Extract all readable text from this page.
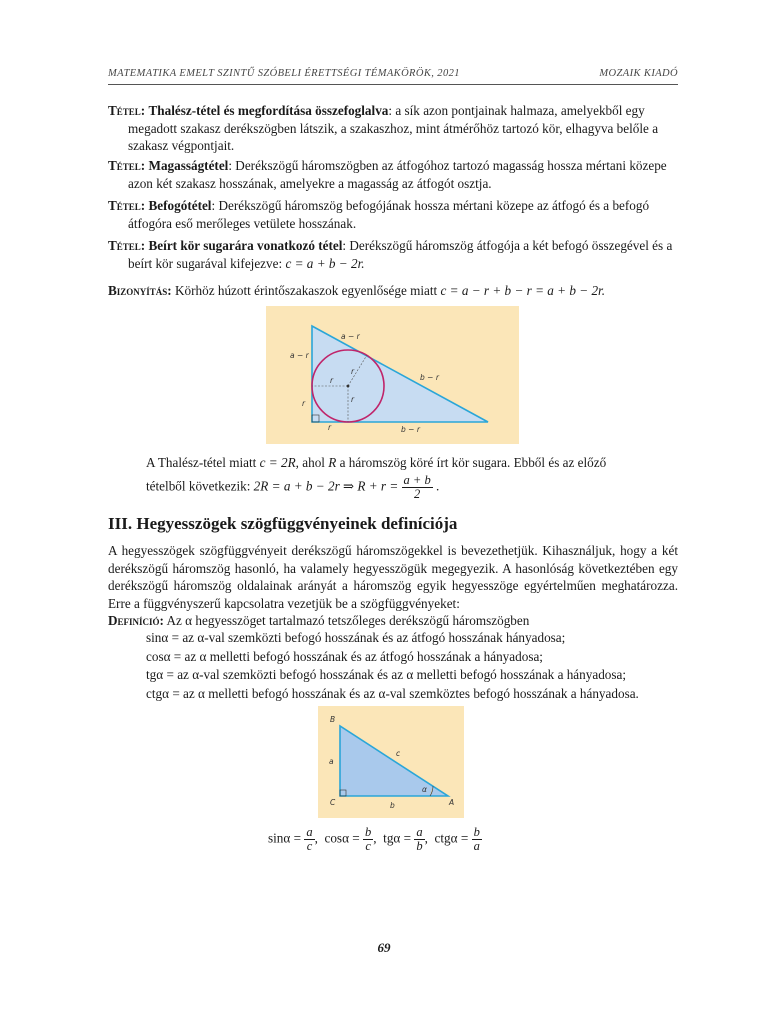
MATEMATIKA EMELT SZINTŰ SZÓBELI ÉRETTSÉGI TÉMAKÖRÖK, 2021	MOZAIK KIADÓ
Tétel: Thalész-tétel és megfordítása összefoglalva: a sík azon pontjainak halmaza, amelyekből egy megadott szakasz derékszögben látszik, a szakaszhoz, mint átmérőhöz tartozó kör, elhagyva belőle a szakasz végpontjait.
Tétel: Magasságtétel: Derékszögű háromszögben az átfogóhoz tartozó magasság hossza mértani közepe azon két szakasz hosszának, amelyekre a magasság az átfogót osztja.
Tétel: Befogótétel: Derékszögű háromszög befogójának hossza mértani közepe az átfogó és a befogó átfogóra eső merőleges vetülete hosszának.
Tétel: Beírt kör sugarára vonatkozó tétel: Derékszögű háromszög átfogója a két befogó összegével és a beírt kör sugarával kifejezve: c = a + b − 2r.
Bizonyítás: Körhöz húzott érintőszakaszok egyenlősége miatt c = a − r + b − r = a + b − 2r.
a − r
a − r
b − r
r
r	b − r
r
r
r
A Thalész-tétel miatt c = 2R, ahol R a háromszög köré írt kör sugara. Ebből és az előző
tételből következik: 2R = a + b − 2r ⇒ $R + r = \frac{a + b}{2}$ .
III. Hegyesszögek szögfüggvényeinek definíciója
A hegyesszögek szögfüggvényeit derékszögű háromszögekkel is bevezethetjük. Kihasználjuk, hogy a két derékszögű háromszög hasonló, ha valamely hegyesszögük megegyezik. A hasonlóság következtében egy derékszögű háromszög oldalainak arányát a háromszög egyik hegyesszöge egyértelműen meghatározza. Erre a függvényszerű kapcsolatra vezetjük be a szögfüggvényeket:
Definíció: Az α hegyesszöget tartalmazó tetszőleges derékszögű háromszögben
sinα = az α-val szemközti befogó hosszának és az átfogó hosszának hányadosa;
cosα = az α melletti befogó hosszának és az átfogó hosszának a hányadosa;
tgα = az α-val szemközti befogó hosszának és az α melletti befogó hosszának a hányadosa;
ctgα = az α melletti befogó hosszának és az α-val szemköztes befogó hosszának a hányadosa.
B
C	A
a
b
c
α
$\sin\alpha = \frac{a}{c}$ ,  $\cos\alpha = \frac{b}{c}$ ,  $tg\alpha = \frac{a}{b}$ ,  $ctg\alpha = \frac{b}{a}$
69
